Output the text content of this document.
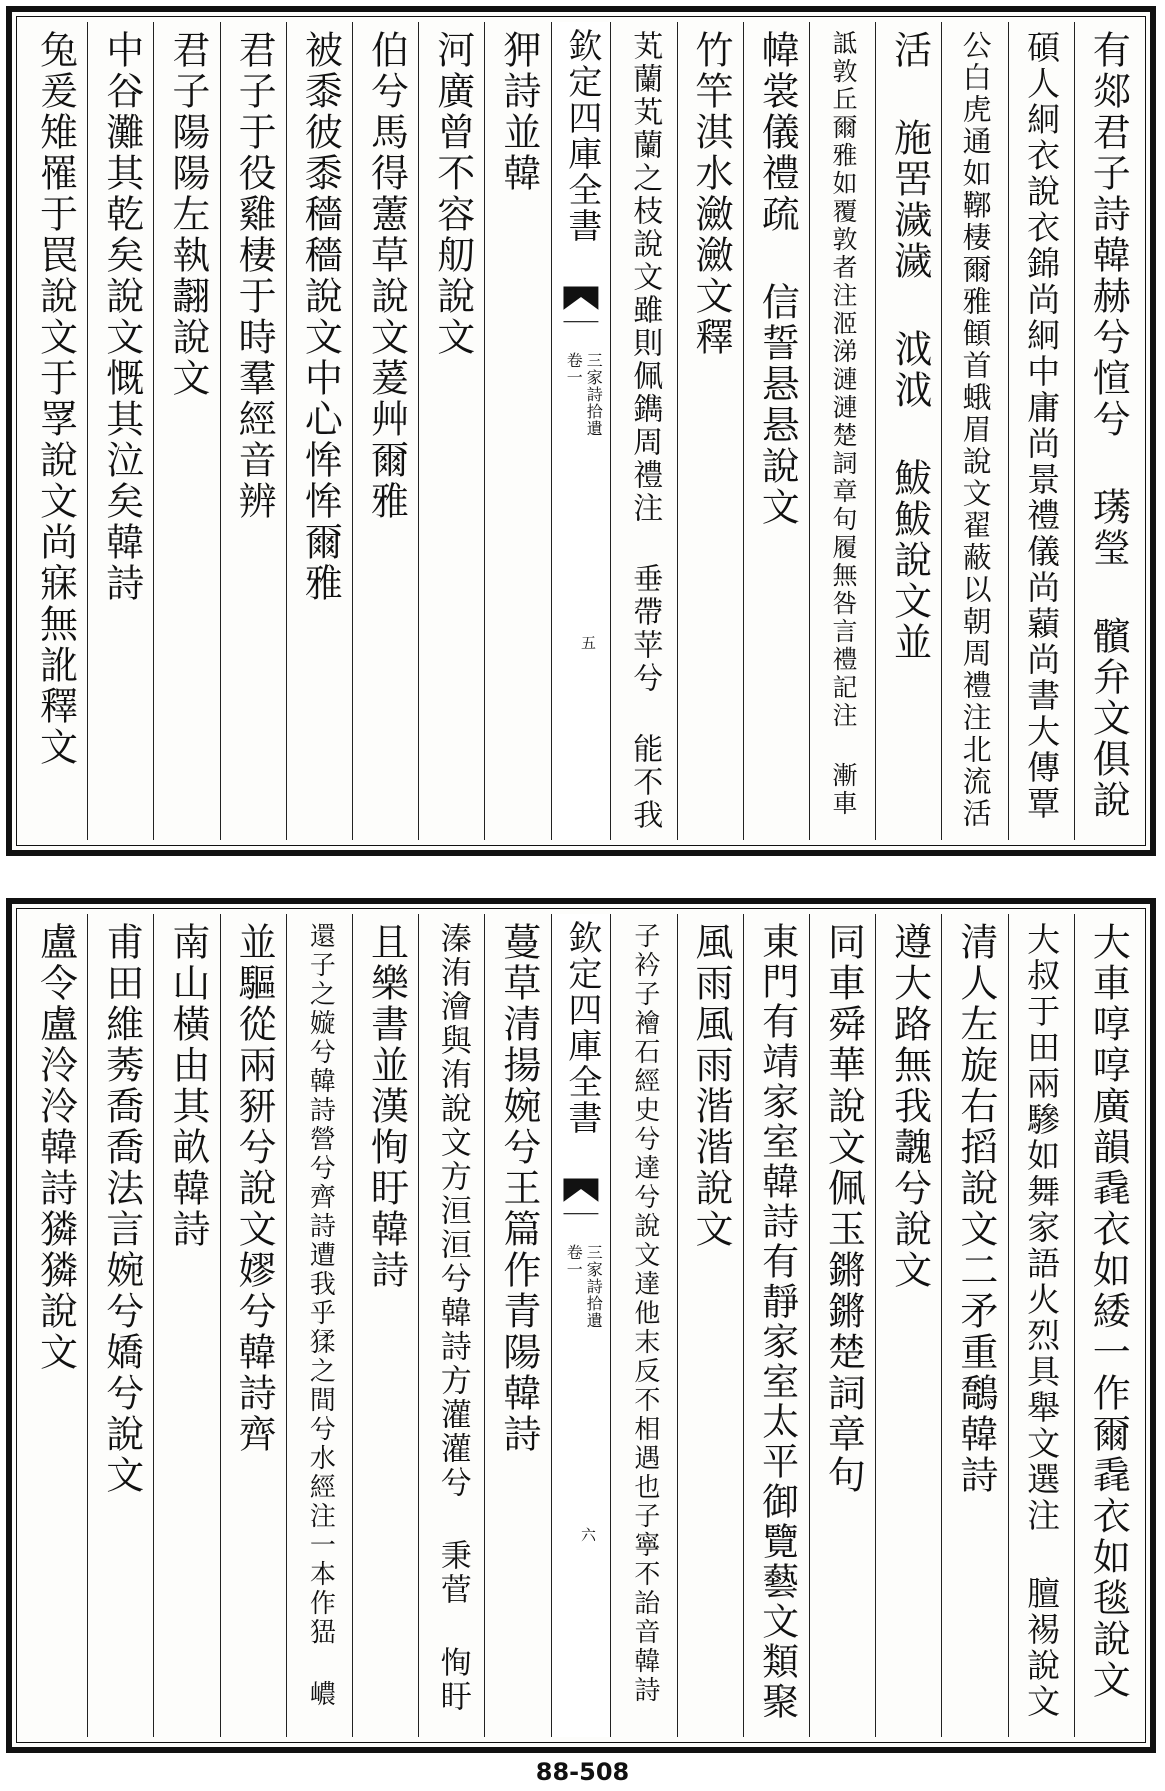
有郯君子詩韓赫兮愃兮 璓瑩 髕弁文俱說
碩人絅衣說衣錦尚絅中庸尚景禮儀尚蘔尚書大傳覃
公白虎通如鞹棲爾雅顀首蛾眉說文翟蔽以朝周禮注北流活
活 施罟濊濊 泧泧 鮁鮁說文並
詆敦丘爾雅如覆敦者注洍涕漣漣楚詞章句履無咎言禮記注 漸車
幃裳儀禮疏 信誓悬悬說文
竹竿淇水瀲瀲文釋
芄蘭芄蘭之枝說文雖則佩鐫周禮注 垂帶苹兮 能不我
欽定四庫全書
三家詩拾遺
卷一
五
狎詩並韓
河廣曾不容舠說文
伯兮馬得藼草說文萲艸爾雅
被黍彼黍穡穡說文中心恈恈爾雅
君子于役雞棲于時羣經音辨
君子陽陽左執翿說文
中谷灘其乾矣說文慨其泣矣韓詩
兔爰雉罹于罠說文于罦說文尚寐無訛釋文
大車啍啍廣韻毳衣如緌一作爾毳衣如毯說文
大叔于田兩驂如舞家語火烈具舉文選注 膻裼說文
清人左旋右搯說文二矛重鷮韓詩
遵大路無我魗兮說文
同車舜華說文佩玉鏘鏘楚詞章句
東門有靖家室韓詩有靜家室太平御覽藝文類聚
風雨風雨湝湝說文
子衿子襘石經史兮達兮說文達他末反不相遇也子寧不詒音韓詩
欽定四庫全書
三家詩拾遺
卷一
六
蔓草清揚婉兮王篇作青陽韓詩
溱洧澮與洧說文方洹洹兮韓詩方灌灌兮 秉菅 恂盱
且樂書並漢恂盱韓詩
還子之嫙兮韓詩營兮齊詩遭我乎猱之間兮水經注一本作峱 嶩
並驅從兩豜兮說文嫪兮韓詩齊
南山橫由其畝韓詩
甫田維莠喬喬法言婉兮嬌兮說文
盧令盧泠泠韓詩獜獜說文
88-508
